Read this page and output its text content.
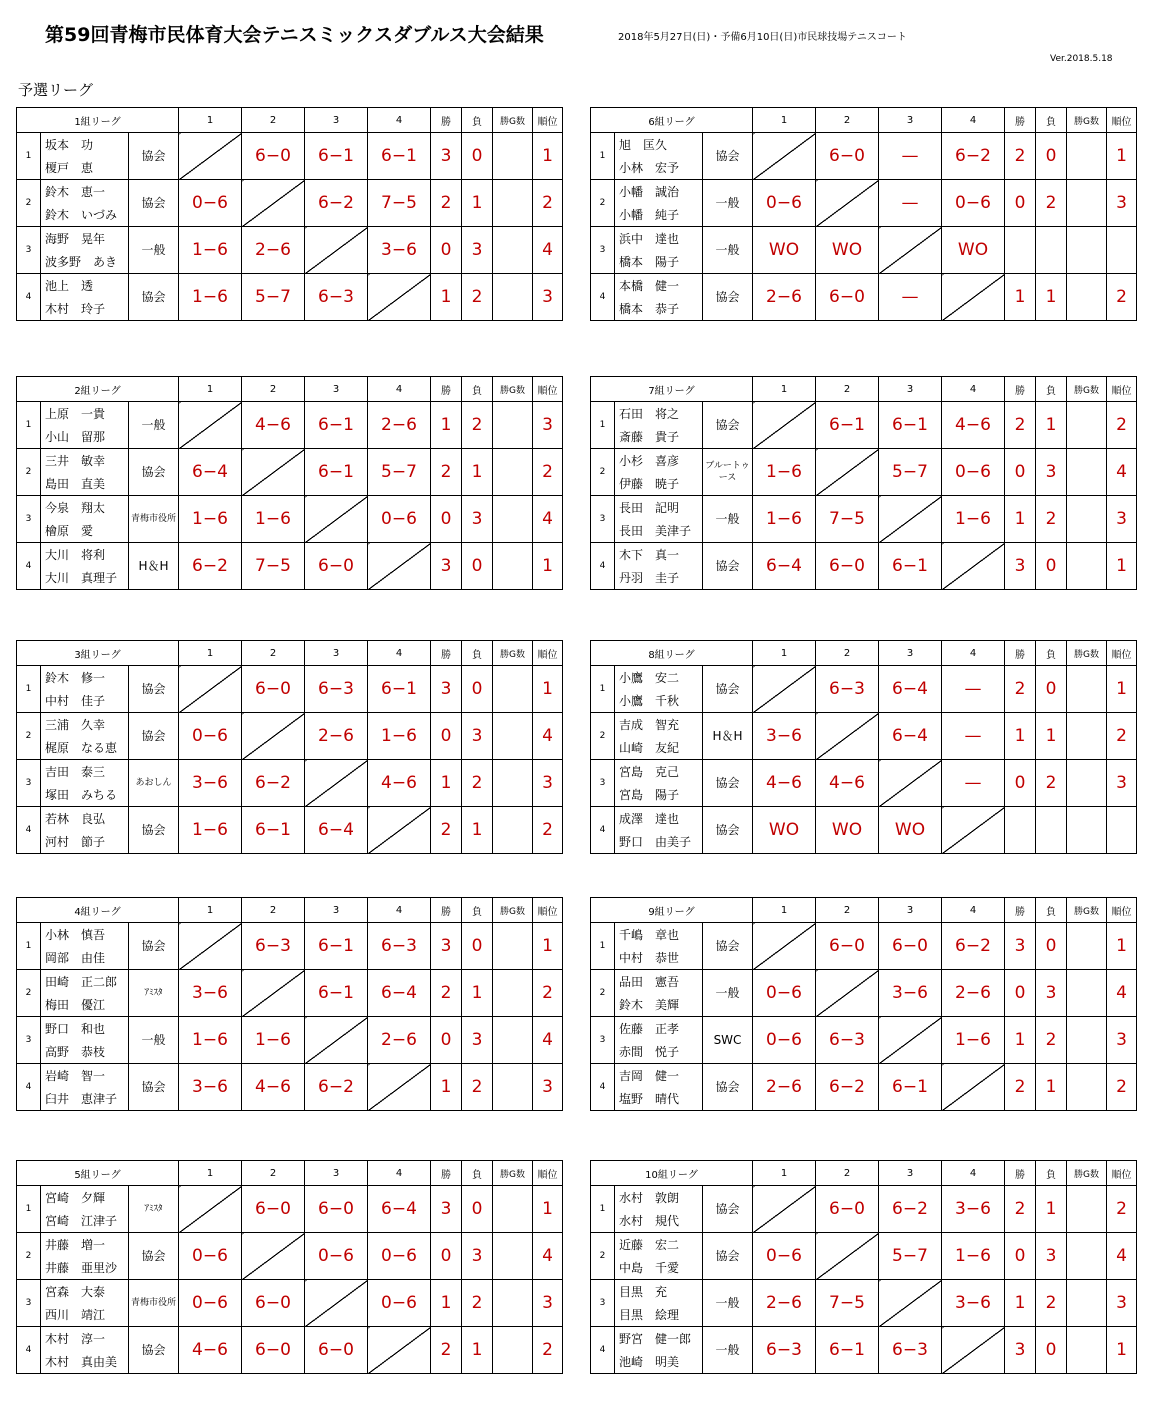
第59回青梅市民体育大会テニスミックスダブルス大会結果	2018年5月27日(日)・予備6月10日(日)市民球技場テニスコート
Ver.2018.5.18
予選リーグ
1組リーグ			1	2	3	4	勝	負	勝G数	順位
1	坂本　功	協会		6−0	6−1	6−1	3	0		1
	榎戸　恵									
2	鈴木　恵一	協会	0−6		6−2	7−5	2	1		2
	鈴木　いづみ									
3	海野　晃年	一般	1−6	2−6		3−6	0	3		4
	波多野　あき									
4	池上　透	協会	1−6	5−7	6−3		1	2		3
	木村　玲子									
6組リーグ			1	2	3	4	勝	負	勝G数	順位
1	旭　匡久	協会		6−0	—	6−2	2	0		1
	小林　宏予									
2	小幡　誠治	一般	0−6		—	0−6	0	2		3
	小幡　純子									
3	浜中　達也	一般	WO	WO		WO				
	橋本　陽子									
4	本橋　健一	協会	2−6	6−0	—		1	1		2
	橋本　恭子									
2組リーグ			1	2	3	4	勝	負	勝G数	順位
1	上原　一貴	一般		4−6	6−1	2−6	1	2		3
	小山　留那									
2	三井　敏幸	協会	6−4		6−1	5−7	2	1		2
	島田　直美									
3	今泉　翔太	青梅市役所	1−6	1−6		0−6	0	3		4
	檜原　愛									
4	大川　将利	H＆H	6−2	7−5	6−0		3	0		1
	大川　真理子									
7組リーグ			1	2	3	4	勝	負	勝G数	順位
1	石田　将之	協会		6−1	6−1	4−6	2	1		2
	斎藤　貴子									
2	小杉　喜彦	ブルートゥース	1−6		5−7	0−6	0	3		4
	伊藤　暁子									
3	長田　記明	一般	1−6	7−5		1−6	1	2		3
	長田　美津子									
4	木下　真一	協会	6−4	6−0	6−1		3	0		1
	丹羽　圭子									
3組リーグ			1	2	3	4	勝	負	勝G数	順位
1	鈴木　修一	協会		6−0	6−3	6−1	3	0		1
	中村　佳子									
2	三浦　久幸	協会	0−6		2−6	1−6	0	3		4
	梶原　なる恵									
3	吉田　泰三	あおしん	3−6	6−2		4−6	1	2		3
	塚田　みちる									
4	若林　良弘	協会	1−6	6−1	6−4		2	1		2
	河村　節子									
8組リーグ			1	2	3	4	勝	負	勝G数	順位
1	小鷹　安二	協会		6−3	6−4	—	2	0		1
	小鷹　千秋									
2	吉成　智充	H＆H	3−6		6−4	—	1	1		2
	山崎　友紀									
3	宮島　克己	協会	4−6	4−6		—	0	2		3
	宮島　陽子									
4	成澤　達也	協会	WO	WO	WO					
	野口　由美子									
4組リーグ			1	2	3	4	勝	負	勝G数	順位
1	小林　慎吾	協会		6−3	6−1	6−3	3	0		1
	岡部　由佳									
2	田崎　正二郎	ｱﾐｽﾀ	3−6		6−1	6−4	2	1		2
	梅田　優江									
3	野口　和也	一般	1−6	1−6		2−6	0	3		4
	高野　恭枝									
4	岩崎　智一	協会	3−6	4−6	6−2		1	2		3
	臼井　恵津子									
9組リーグ			1	2	3	4	勝	負	勝G数	順位
1	千嶋　章也	協会		6−0	6−0	6−2	3	0		1
	中村　恭世									
2	品田　憲吾	一般	0−6		3−6	2−6	0	3		4
	鈴木　美輝									
3	佐藤　正孝	SWC	0−6	6−3		1−6	1	2		3
	赤間　悦子									
4	吉岡　健一	協会	2−6	6−2	6−1		2	1		2
	塩野　晴代									
5組リーグ			1	2	3	4	勝	負	勝G数	順位
1	宮崎　夕輝	ｱﾐｽﾀ		6−0	6−0	6−4	3	0		1
	宮崎　江津子									
2	井藤　増一	協会	0−6		0−6	0−6	0	3		4
	井藤　亜里沙									
3	宮森　大泰	青梅市役所	0−6	6−0		0−6	1	2		3
	西川　靖江									
4	木村　淳一	協会	4−6	6−0	6−0		2	1		2
	木村　真由美									
10組リーグ			1	2	3	4	勝	負	勝G数	順位
1	水村　敦朗	協会		6−0	6−2	3−6	2	1		2
	水村　規代									
2	近藤　宏二	協会	0−6		5−7	1−6	0	3		4
	中島　千愛									
3	目黒　充	一般	2−6	7−5		3−6	1	2		3
	目黒　絵理									
4	野宮　健一郎	一般	6−3	6−1	6−3		3	0		1
	池崎　明美									
